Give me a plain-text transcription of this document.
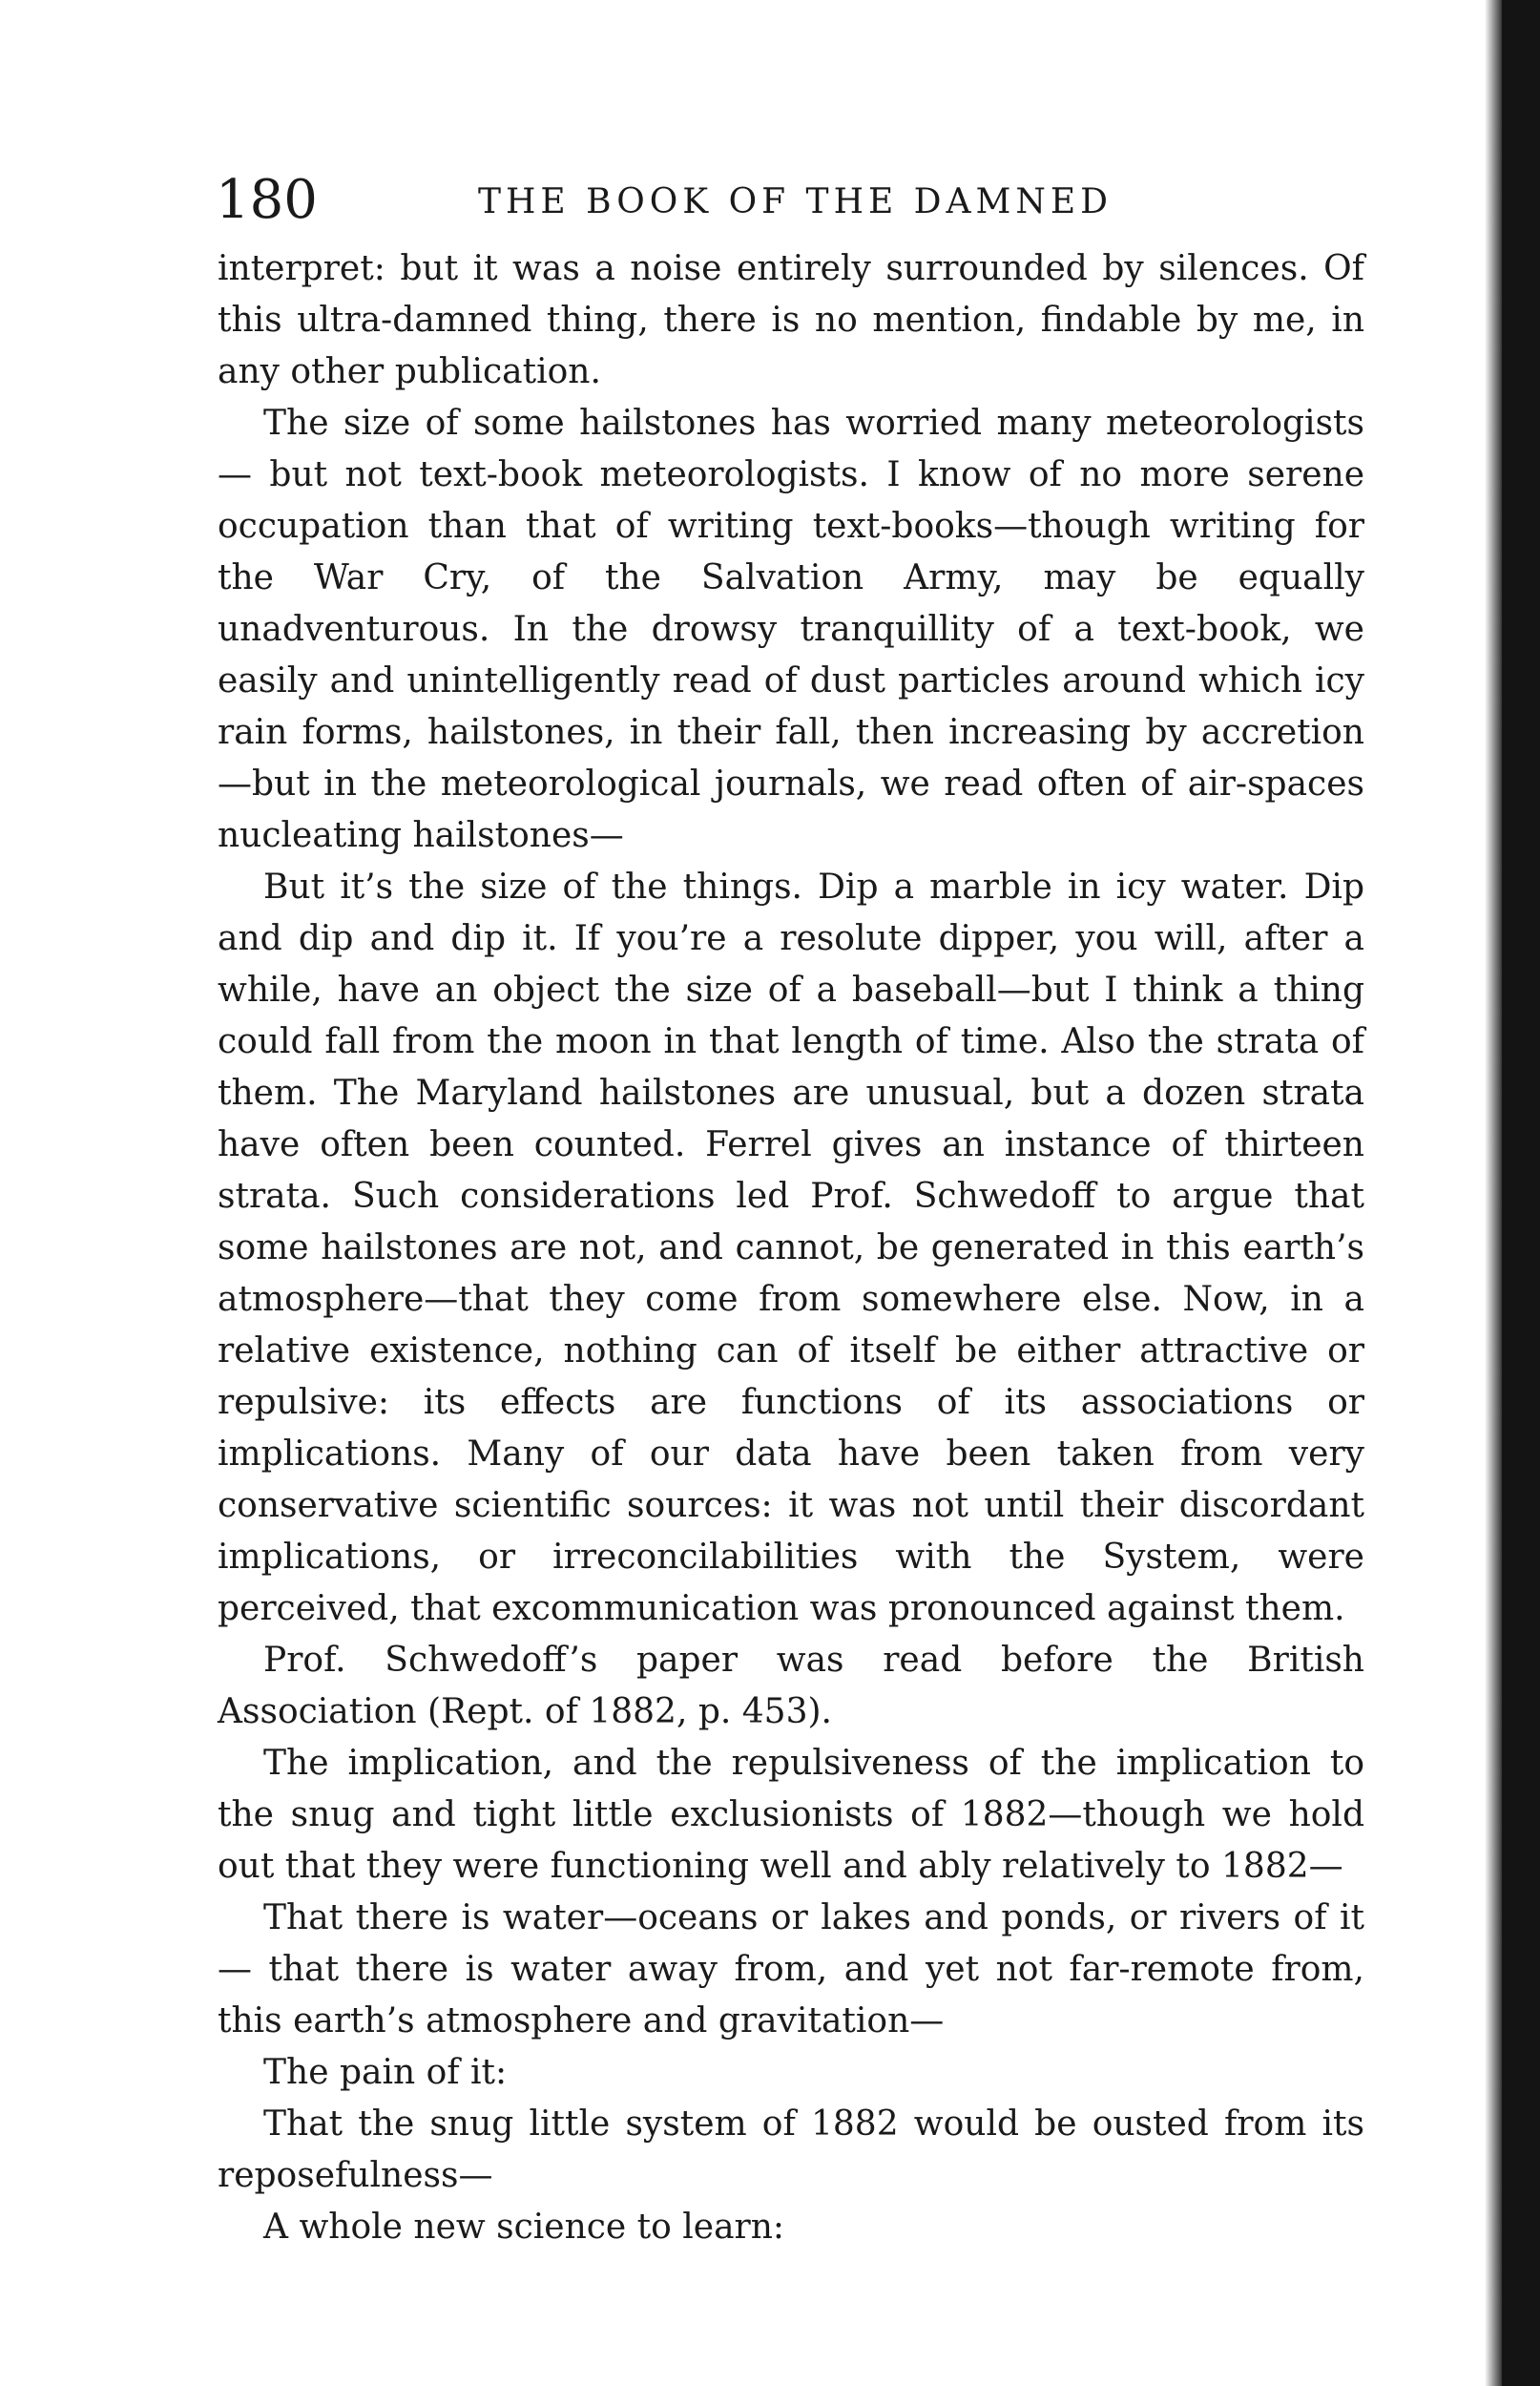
180	THE BOOK OF THE DAMNED

interpret: but it was a noise entirely surrounded by silences. Of this ultra-damned thing, there is no mention, findable by me, in any other publication.

The size of some hailstones has worried many meteorologists— but not text-book meteorologists. I know of no more serene occupation than that of writing text-books—though writing for the War Cry, of the Salvation Army, may be equally unadventurous. In the drowsy tranquillity of a text-book, we easily and unintelligently read of dust particles around which icy rain forms, hailstones, in their fall, then increasing by accretion—but in the meteorological journals, we read often of air-spaces nucleating hailstones—

But it’s the size of the things. Dip a marble in icy water. Dip and dip and dip it. If you’re a resolute dipper, you will, after a while, have an object the size of a baseball—but I think a thing could fall from the moon in that length of time. Also the strata of them. The Maryland hailstones are unusual, but a dozen strata have often been counted. Ferrel gives an instance of thirteen strata. Such considerations led Prof. Schwedoff to argue that some hailstones are not, and cannot, be generated in this earth’s atmosphere—that they come from somewhere else. Now, in a relative existence, nothing can of itself be either attractive or repulsive: its effects are functions of its associations or implications. Many of our data have been taken from very conservative scientific sources: it was not until their discordant implications, or irreconcilabilities with the System, were perceived, that excommunication was pronounced against them.

Prof. Schwedoff’s paper was read before the British Association (Rept. of 1882, p. 453).

The implication, and the repulsiveness of the implication to the snug and tight little exclusionists of 1882—though we hold out that they were functioning well and ably relatively to 1882—

That there is water—oceans or lakes and ponds, or rivers of it— that there is water away from, and yet not far-remote from, this earth’s atmosphere and gravitation—

The pain of it:

That the snug little system of 1882 would be ousted from its reposefulness—

A whole new science to learn:
